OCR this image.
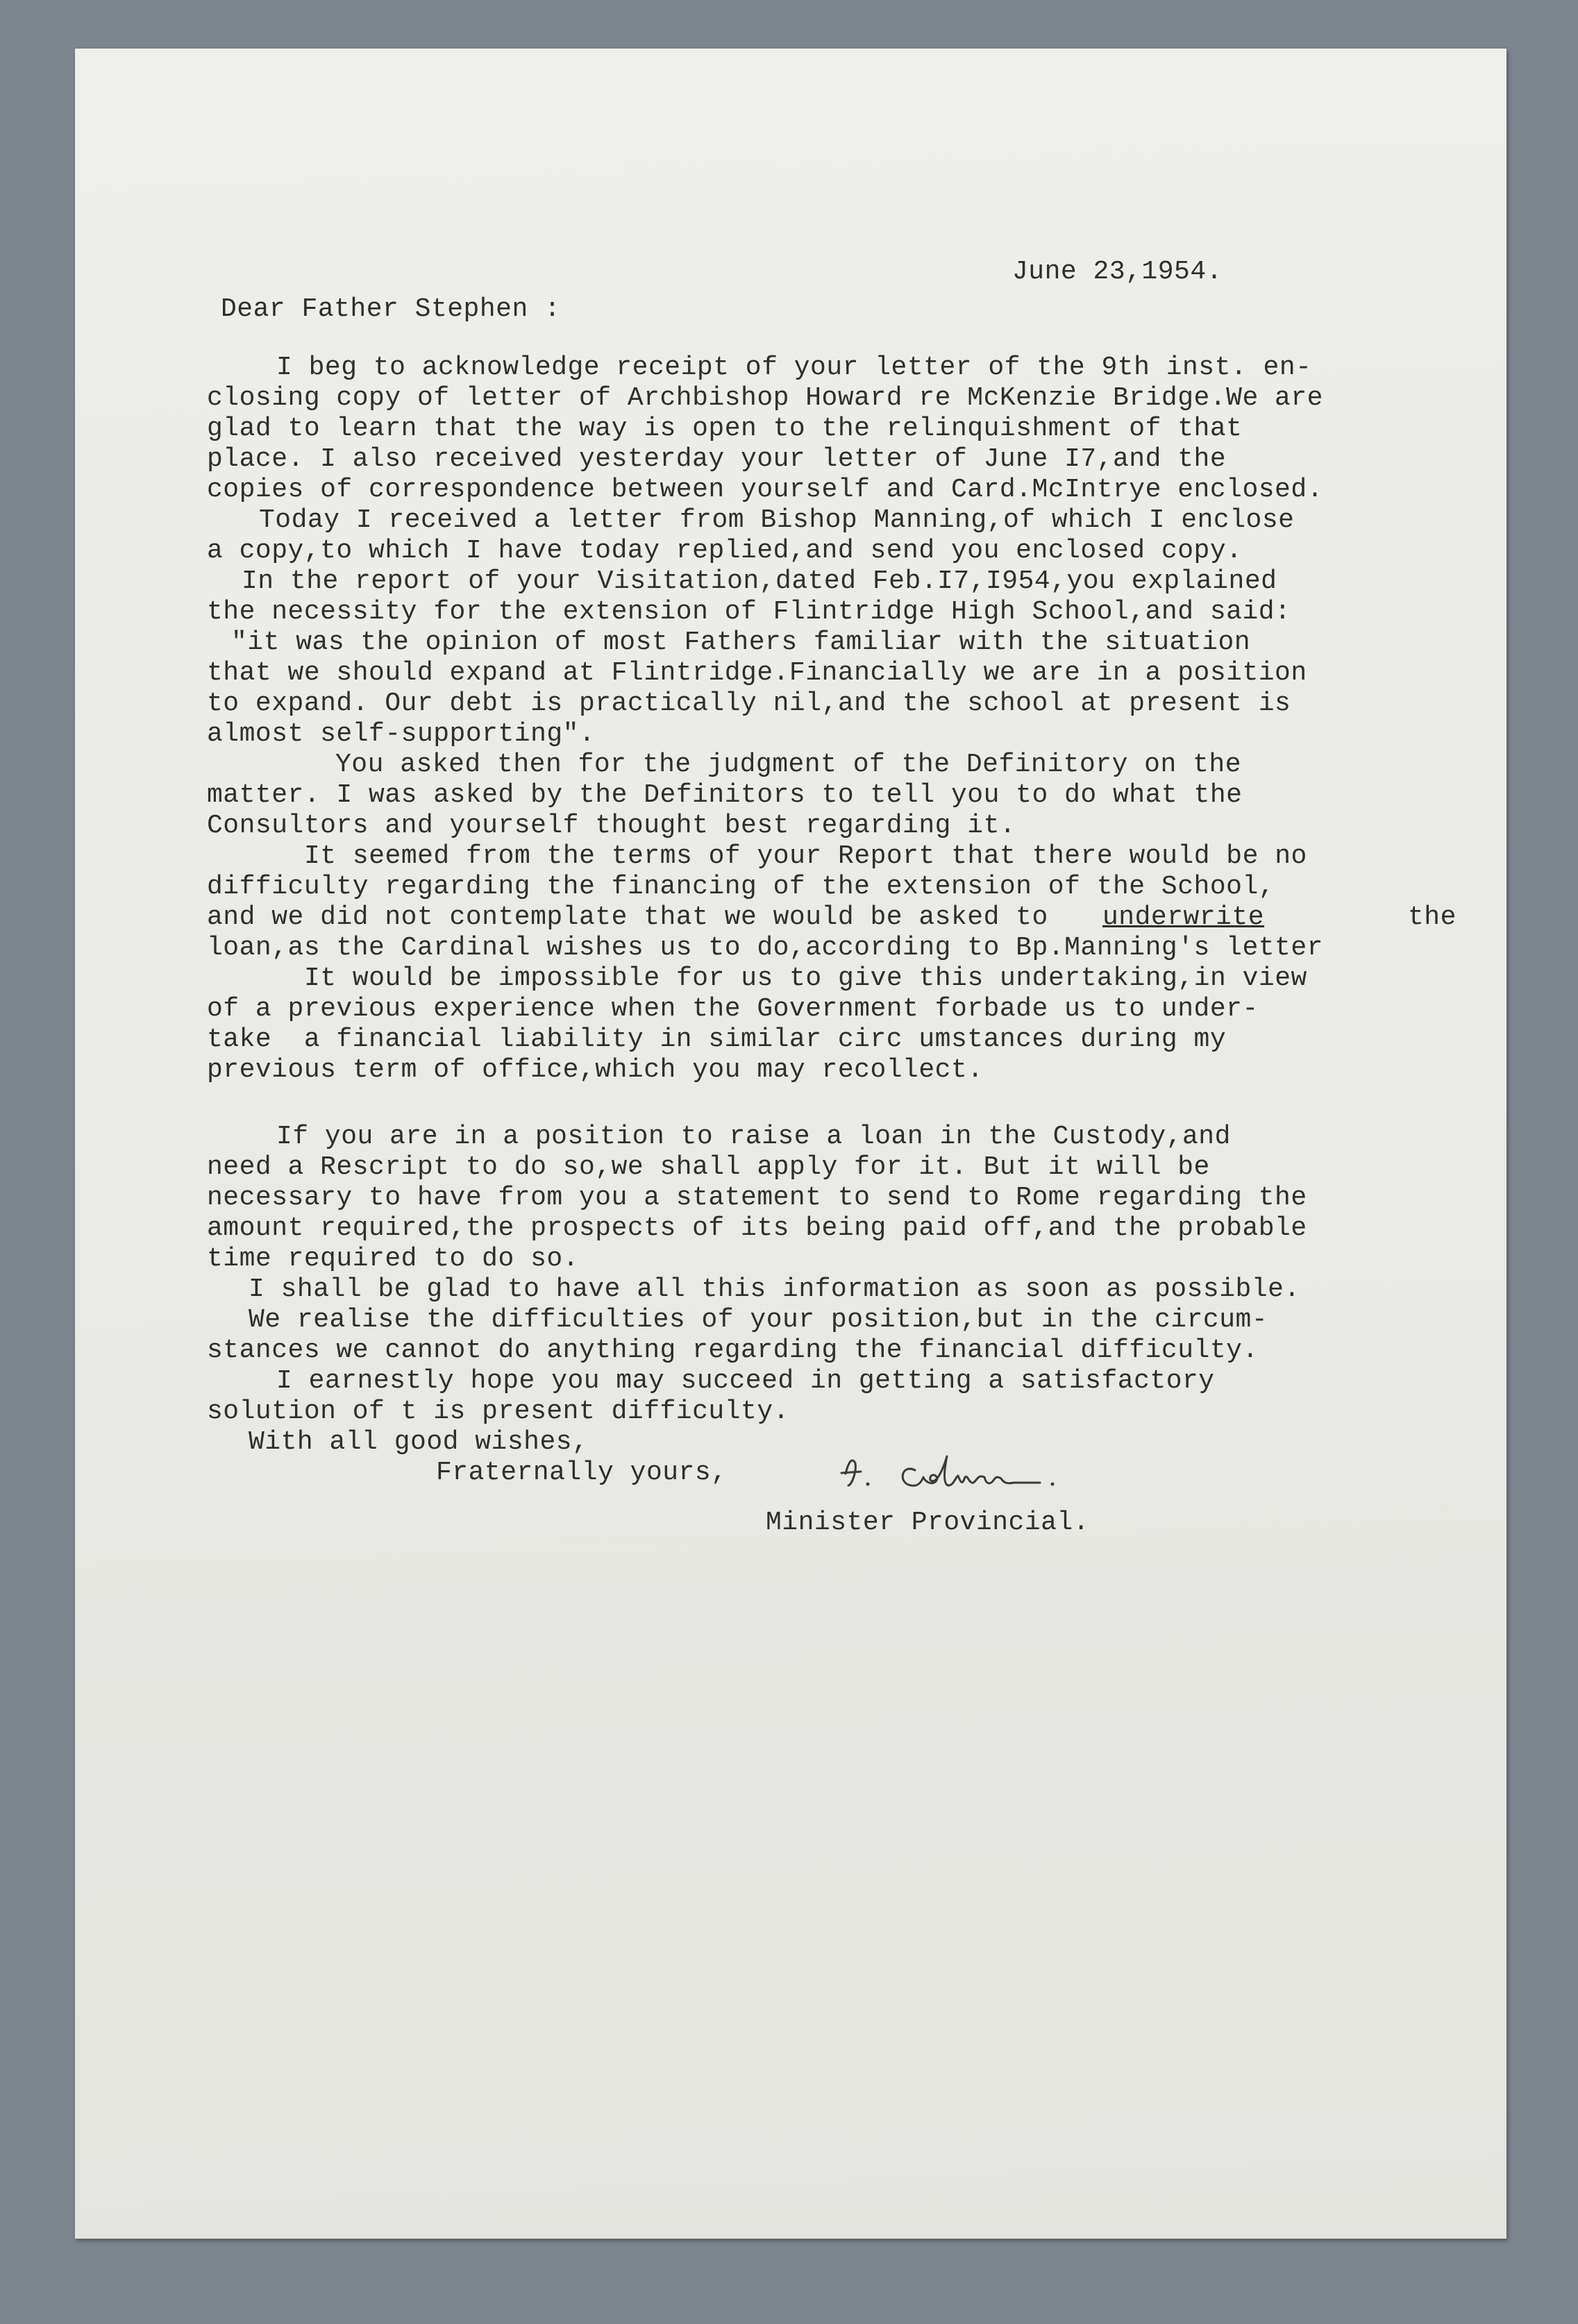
June 23,1954.
Dear Father Stephen :
I beg to acknowledge receipt of your letter of the 9th inst. en-
closing copy of letter of Archbishop Howard re McKenzie Bridge.We are
glad to learn that the way is open to the relinquishment of that
place. I also received yesterday your letter of June I7,and the
copies of correspondence between yourself and Card.McIntrye enclosed.
Today I received a letter from Bishop Manning,of which I enclose
a copy,to which I have today replied,and send you enclosed copy.
In the report of your Visitation,dated Feb.I7,I954,you explained
the necessity for the extension of Flintridge High School,and said:
"it was the opinion of most Fathers familiar with the situation
that we should expand at Flintridge.Financially we are in a position
to expand. Our debt is practically nil,and the school at present is
almost self-supporting".
You asked then for the judgment of the Definitory on the
matter. I was asked by the Definitors to tell you to do what the
Consultors and yourself thought best regarding it.
It seemed from the terms of your Report that there would be no
difficulty regarding the financing of the extension of the School,
and we did not contemplate that we would be asked to underwrite	the
loan,as the Cardinal wishes us to do,according to Bp.Manning's letter
It would be impossible for us to give this undertaking,in view
of a previous experience when the Government forbade us to under-
take  a financial liability in similar circ umstances during my
previous term of office,which you may recollect.
If you are in a position to raise a loan in the Custody,and
need a Rescript to do so,we shall apply for it. But it will be
necessary to have from you a statement to send to Rome regarding the
amount required,the prospects of its being paid off,and the probable
time required to do so.
I shall be glad to have all this information as soon as possible.
We realise the difficulties of your position,but in the circum-
stances we cannot do anything regarding the financial difficulty.
I earnestly hope you may succeed in getting a satisfactory
solution of t is present difficulty.
With all good wishes,
Fraternally yours,
Minister Provincial.
